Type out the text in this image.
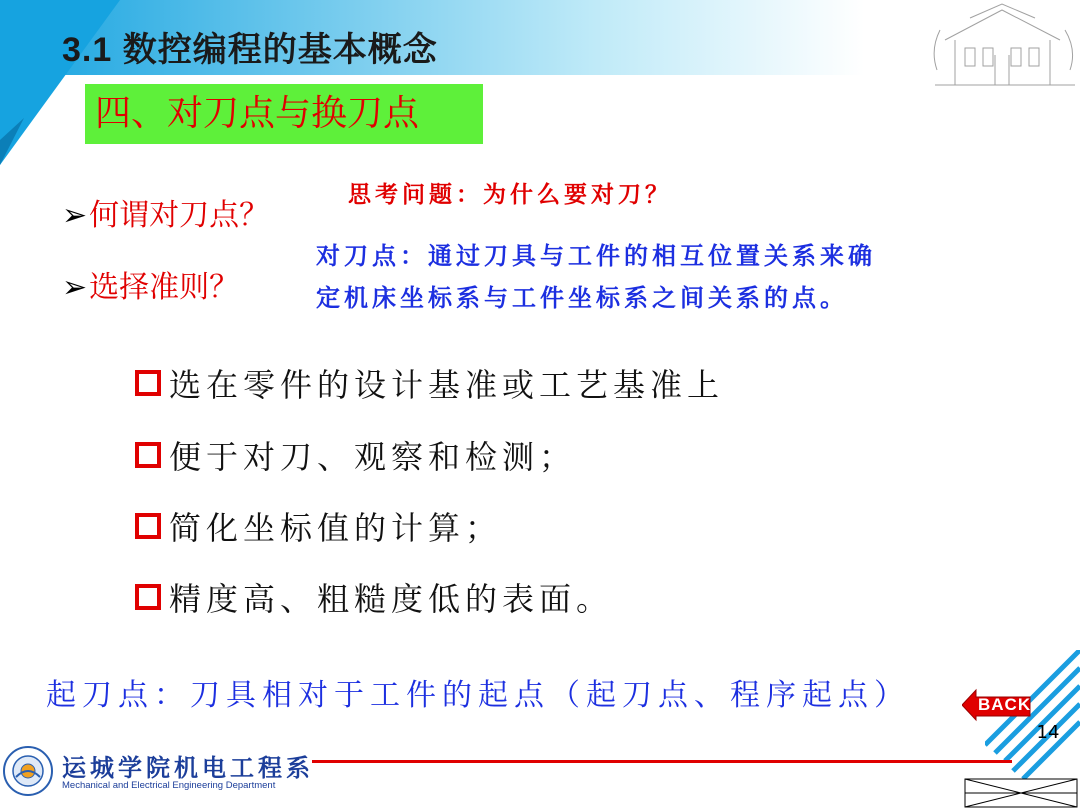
3.1 数控编程的基本概念
四、对刀点与换刀点
➢何谓对刀点？
➢选择准则？
思考问题：为什么要对刀？
对刀点：通过刀具与工件的相互位置关系来确
定机床坐标系与工件坐标系之间关系的点。
选在零件的设计基准或工艺基准上
便于对刀、观察和检测；
简化坐标值的计算；
精度高、粗糙度低的表面。
起刀点：刀具相对于工件的起点（起刀点、程序起点）	BACK
14
运城学院机电工程系
Mechanical and Electrical Engineering Department
